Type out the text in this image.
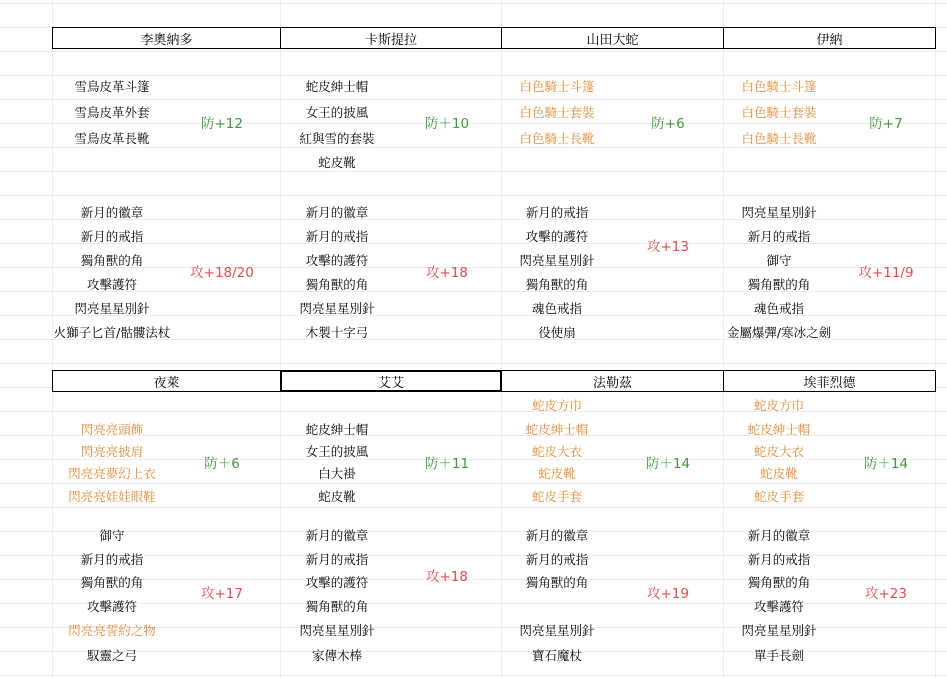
李奧納多
雪鳥皮革斗篷
雪鳥皮革外套
雪鳥皮革長靴
防+12
新月的徽章
新月的戒指
獨角獸的角
攻擊護符
閃亮星星別針
火獅子匕首/骷髏法杖
攻+18/20
卡斯提拉
蛇皮紳士帽
女王的披風
紅與雪的套裝
蛇皮靴
防＋10
新月的徽章
新月的戒指
攻擊的護符
獨角獸的角
閃亮星星別針
木製十字弓
攻+18
山田大蛇
白色騎士斗篷
白色騎士套裝
白色騎士長靴
防+6
新月的戒指
攻擊的護符
閃亮星星別針
獨角獸的角
魂色戒指
役使扇
攻+13
伊納
白色騎士斗篷
白色騎士套裝
白色騎士長靴
防+7
閃亮星星別針
新月的戒指
御守
獨角獸的角
魂色戒指
金屬爆彈/寒冰之劍
攻+11/9
夜萊
閃亮亮頭飾
閃亮亮披肩
閃亮亮夢幻上衣
閃亮亮娃娃眼鞋
防＋6
御守
新月的戒指
獨角獸的角
攻擊護符
閃亮亮誓約之物
馭靈之弓
攻+17
艾艾
蛇皮紳士帽
女王的披風
白大褂
蛇皮靴
防＋11
新月的徽章
新月的戒指
攻擊的護符
獨角獸的角
閃亮星星別針
家傳木棒
攻+18
法勒茲
蛇皮方巾
蛇皮紳士帽
蛇皮大衣
蛇皮靴
蛇皮手套
防＋14
新月的徽章
新月的戒指
獨角獸的角
閃亮星星別針
寶石魔杖
攻+19
埃菲烈德
蛇皮方巾
蛇皮紳士帽
蛇皮大衣
蛇皮靴
蛇皮手套
防＋14
新月的徽章
新月的戒指
獨角獸的角
攻擊護符
閃亮星星別針
單手長劍
攻+23
